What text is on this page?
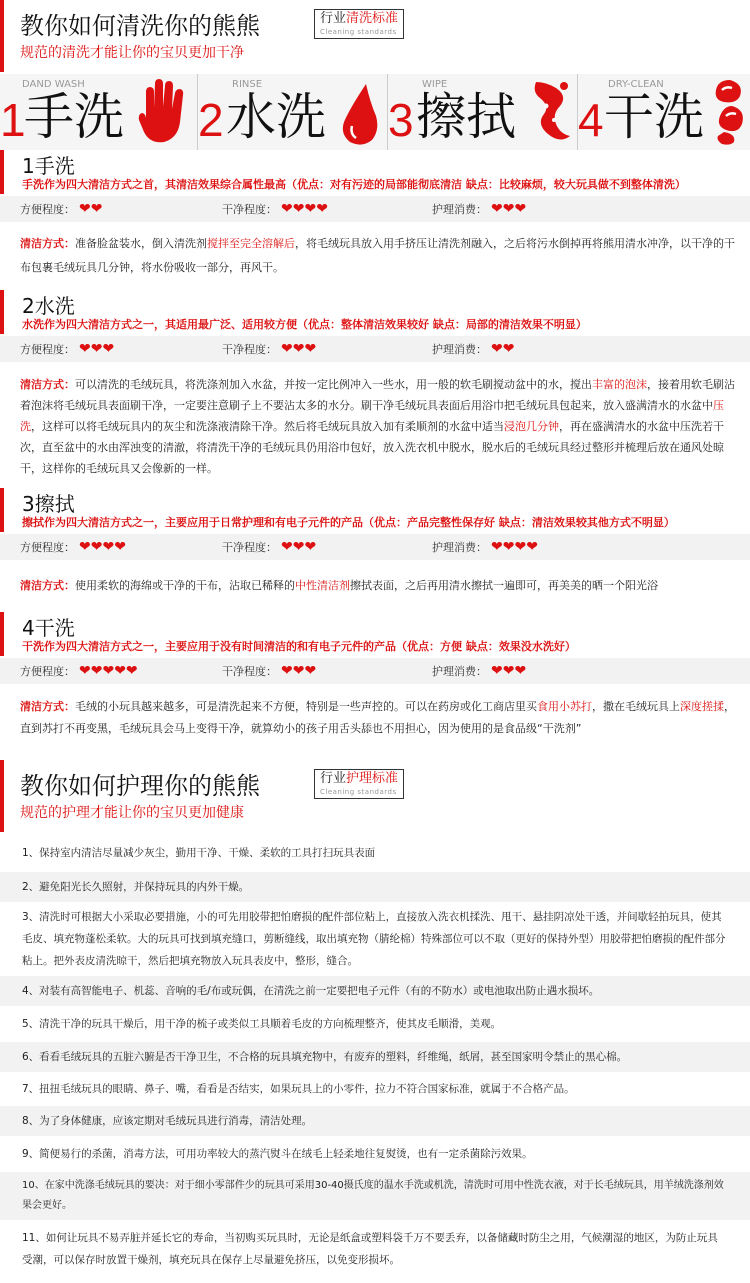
教你如何清洗你的熊熊	行业清洗标准
Cleaning standards
规范的清洗才能让你的宝贝更加干净
DAND WASH
1
手洗
RINSE
2 水洗
WIPE
3 擦拭
DRY-CLEAN
4 干洗
1手洗
手洗作为四大清洁方式之首，其清洁效果综合属性最高（优点：对有污迹的局部能彻底清洁 缺点：比较麻烦，较大玩具做不到整体清洗）
方便程度： ❤❤	干净程度： ❤❤❤❤	护理消费： ❤❤❤
清洁方式：准备脸盆装水，倒入清洗剂搅拌至完全溶解后，将毛绒玩具放入用手挤压让清洗剂融入，之后将污水倒掉再将熊用清水冲净，以干净的干布包裹毛绒玩具几分钟，将水份吸收一部分，再风干。
2水洗
水洗作为四大清洁方式之一，其适用最广泛、适用较方便（优点：整体清洁效果较好 缺点：局部的清洁效果不明显）
方便程度： ❤❤❤	干净程度： ❤❤❤	护理消费： ❤❤
清洁方式：可以清洗的毛绒玩具，将洗涤剂加入水盆，并按一定比例冲入一些水，用一般的软毛刷搅动盆中的水，搅出丰富的泡沫，接着用软毛刷沾着泡沫将毛绒玩具表面刷干净，一定要注意刷子上不要沾太多的水分。刷干净毛绒玩具表面后用浴巾把毛绒玩具包起来，放入盛满清水的水盆中压洗，这样可以将毛绒玩具内的灰尘和洗涤液清除干净。然后将毛绒玩具放入加有柔顺剂的水盆中适当浸泡几分钟，再在盛满清水的水盆中压洗若干次，直至盆中的水由浑浊变的清澈，将清洗干净的毛绒玩具仍用浴巾包好，放入洗衣机中脱水，脱水后的毛绒玩具经过整形并梳理后放在通风处晾干，这样你的毛绒玩具又会像新的一样。
3擦拭
擦拭作为四大清洁方式之一，主要应用于日常护理和有电子元件的产品（优点：产品完整性保存好 缺点：清洁效果较其他方式不明显）
方便程度： ❤❤❤❤	干净程度： ❤❤❤	护理消费： ❤❤❤❤
清洁方式：使用柔软的海绵或干净的干布，沾取已稀释的中性清洁剂擦拭表面，之后再用清水擦拭一遍即可，再美美的晒一个阳光浴
4干洗
干洗作为四大清洁方式之一，主要应用于没有时间清洁的和有电子元件的产品（优点：方便 缺点：效果没水洗好）
方便程度： ❤❤❤❤❤	干净程度： ❤❤❤	护理消费： ❤❤❤
清洁方式：毛绒的小玩具越来越多，可是清洗起来不方便，特别是一些声控的。可以在药房或化工商店里买食用小苏打，撒在毛绒玩具上深度搓揉，直到苏打不再变黑，毛绒玩具会马上变得干净，就算幼小的孩子用舌头舔也不用担心，因为使用的是食品级“干洗剂”
教你如何护理你的熊熊	行业护理标准
Cleaning standards
规范的护理才能让你的宝贝更加健康
1、保持室内清洁尽量减少灰尘，勤用干净、干燥、柔软的工具打扫玩具表面
2、避免阳光长久照射，并保持玩具的内外干燥。
3、清洗时可根据大小采取必要措施，小的可先用胶带把怕磨损的配件部位粘上，直接放入洗衣机揉洗、甩干、悬挂阴凉处干透，并间歇轻拍玩具，使其毛皮、填充物蓬松柔软。大的玩具可找到填充缝口，剪断缝线，取出填充物（腈纶棉）特殊部位可以不取（更好的保持外型）用胶带把怕磨损的配件部分粘上。把外表皮清洗晾干，然后把填充物放入玩具表皮中，整形，缝合。
4、对装有高智能电子、机蕊、音响的毛/布或玩偶，在清洗之前一定要把电子元件（有的不防水）或电池取出防止遇水损坏。
5、清洗干净的玩具干燥后，用干净的梳子或类似工具顺着毛皮的方向梳理整齐，使其皮毛顺滑，美观。
6、看看毛绒玩具的五脏六腑是否干净卫生，不合格的玩具填充物中，有废弃的塑料，纤维绳，纸屑，甚至国家明令禁止的黑心棉。
7、扭扭毛绒玩具的眼睛、鼻子、嘴，看看是否结实，如果玩具上的小零件，拉力不符合国家标准，就属于不合格产品。
8、为了身体健康，应该定期对毛绒玩具进行消毒，清洁处理。
9、简便易行的杀菌，消毒方法，可用功率较大的蒸汽熨斗在绒毛上轻柔地往复熨烫，也有一定杀菌除污效果。
10、在家中洗涤毛绒玩具的要决：对于细小零部件少的玩具可采用30-40摄氏度的温水手洗或机洗，清洗时可用中性洗衣液，对于长毛绒玩具，用羊绒洗涤剂效果会更好。
11、如何让玩具不易弄脏并延长它的寿命，当初购买玩具时，无论是纸盒或塑料袋千万不要丢弃，以备储藏时防尘之用，气候潮湿的地区，为防止玩具受潮，可以保存时放置干燥剂，填充玩具在保存上尽量避免挤压，以免变形损坏。
